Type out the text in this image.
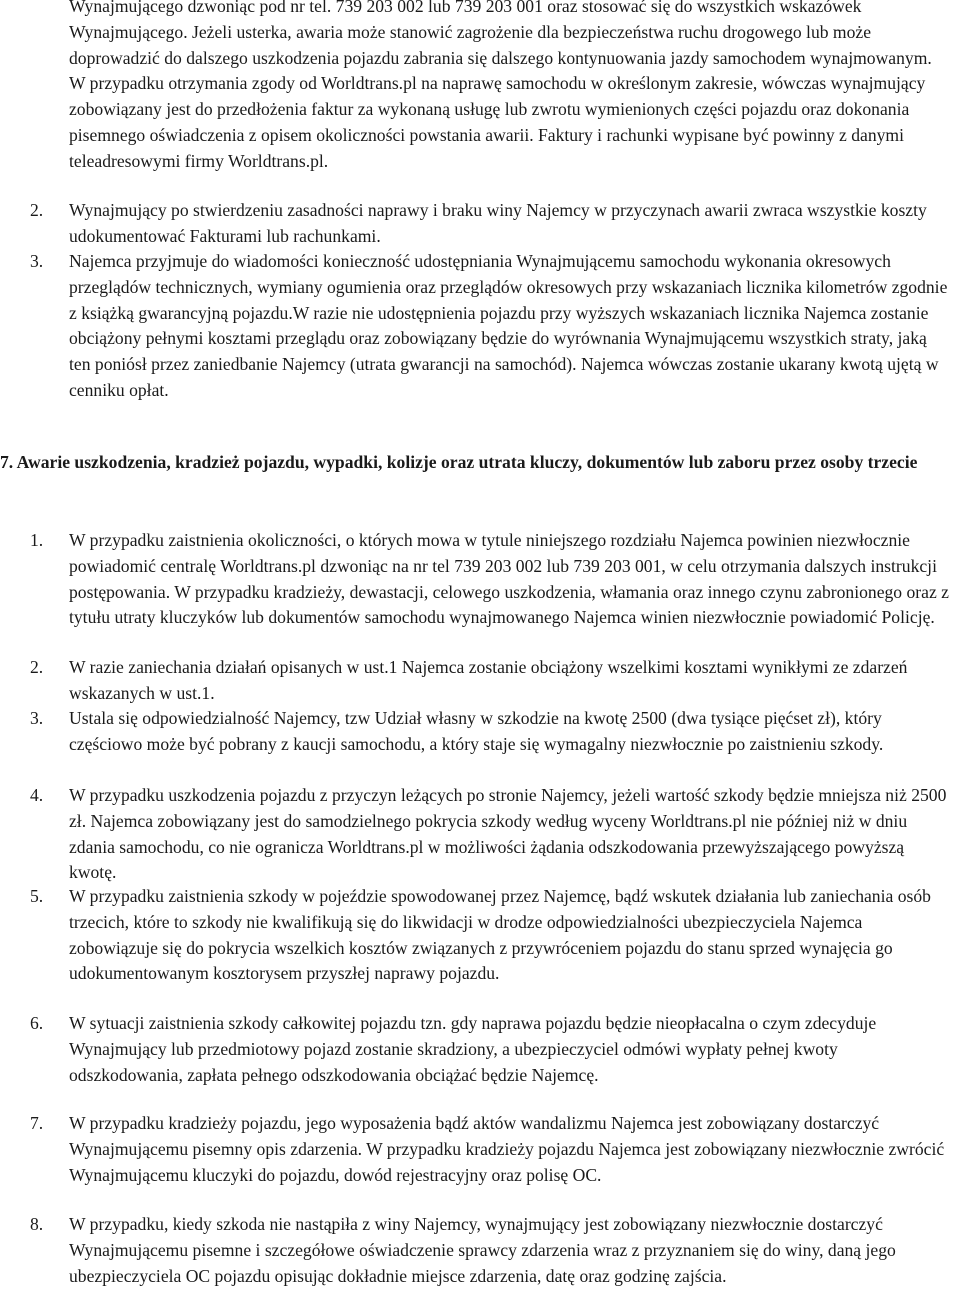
Wynajmującego dzwoniąc pod nr tel. 739 203 002 lub 739 203 001 oraz stosować się do wszystkich wskazówek Wynajmującego. Jeżeli usterka, awaria może stanowić zagrożenie dla bezpieczeństwa ruchu drogowego lub może doprowadzić do dalszego uszkodzenia pojazdu zabrania się dalszego kontynuowania jazdy samochodem wynajmowanym. W przypadku otrzymania zgody od Worldtrans.pl na naprawę samochodu w określonym zakresie, wówczas wynajmujący zobowiązany jest do przedłożenia faktur za wykonaną usługę lub zwrotu wymienionych części pojazdu oraz dokonania pisemnego oświadczenia z opisem okoliczności powstania awarii. Faktury i rachunki wypisane być powinny z danymi teleadresowymi firmy Worldtrans.pl.

2.	Wynajmujący po stwierdzeniu zasadności naprawy i braku winy Najemcy w przyczynach awarii zwraca wszystkie koszty udokumentować Fakturami lub rachunkami.
3.	Najemca przyjmuje do wiadomości konieczność udostępniania Wynajmującemu samochodu wykonania okresowych przeglądów technicznych, wymiany ogumienia oraz przeglądów okresowych przy wskazaniach licznika kilometrów zgodnie z książką gwarancyjną pojazdu.W razie nie udostępnienia pojazdu przy wyższych wskazaniach licznika Najemca zostanie obciążony pełnymi kosztami przeglądu oraz zobowiązany będzie do wyrównania Wynajmującemu wszystkich straty, jaką ten poniósł przez zaniedbanie Najemcy (utrata gwarancji na samochód). Najemca wówczas zostanie ukarany kwotą ujętą w cenniku opłat.
7. Awarie uszkodzenia, kradzież pojazdu, wypadki, kolizje oraz utrata kluczy, dokumentów lub zaboru przez osoby trzecie
1.	W przypadku zaistnienia okoliczności, o których mowa w tytule niniejszego rozdziału Najemca powinien niezwłocznie powiadomić centralę Worldtrans.pl dzwoniąc na nr tel 739 203 002 lub 739 203 001, w celu otrzymania dalszych instrukcji postępowania. W przypadku kradzieży, dewastacji, celowego uszkodzenia, włamania oraz innego czynu zabronionego oraz z tytułu utraty kluczyków lub dokumentów samochodu wynajmowanego Najemca winien niezwłocznie powiadomić Policję.
2.	W razie zaniechania działań opisanych w ust.1 Najemca zostanie obciążony wszelkimi kosztami wynikłymi ze zdarzeń wskazanych w ust.1.
3.	Ustala się odpowiedzialność Najemcy, tzw Udział własny w szkodzie na kwotę 2500 (dwa tysiące pięćset zł), który częściowo może być pobrany z kaucji samochodu, a który staje się wymagalny niezwłocznie po zaistnieniu szkody.
4.	W przypadku uszkodzenia pojazdu z przyczyn leżących po stronie Najemcy, jeżeli wartość szkody będzie mniejsza niż 2500 zł. Najemca zobowiązany jest do samodzielnego pokrycia szkody według wyceny Worldtrans.pl nie później niż w dniu zdania samochodu, co nie ogranicza Worldtrans.pl w możliwości żądania odszkodowania przewyższającego powyższą kwotę.
5.	W przypadku zaistnienia szkody w pojeździe spowodowanej przez Najemcę, bądź wskutek działania lub zaniechania osób trzecich, które to szkody nie kwalifikują się do likwidacji w drodze odpowiedzialności ubezpieczyciela Najemca zobowiązuje się do pokrycia wszelkich kosztów związanych z przywróceniem pojazdu do stanu sprzed wynajęcia go udokumentowanym kosztorysem przyszłej naprawy pojazdu.
6.	W sytuacji zaistnienia szkody całkowitej pojazdu tzn. gdy naprawa pojazdu będzie nieopłacalna o czym zdecyduje Wynajmujący lub przedmiotowy pojazd zostanie skradziony, a ubezpieczyciel odmówi wypłaty pełnej kwoty odszkodowania, zapłata pełnego odszkodowania obciążać będzie Najemcę.
7.	W przypadku kradzieży pojazdu, jego wyposażenia bądź aktów wandalizmu Najemca jest zobowiązany dostarczyć Wynajmującemu pisemny opis zdarzenia. W przypadku kradzieży pojazdu Najemca jest zobowiązany niezwłocznie zwrócić Wynajmującemu kluczyki do pojazdu, dowód rejestracyjny oraz polisę OC.
8.	W przypadku, kiedy szkoda nie nastąpiła z winy Najemcy, wynajmujący jest zobowiązany niezwłocznie dostarczyć Wynajmującemu pisemne i szczegółowe oświadczenie sprawcy zdarzenia wraz z przyznaniem się do winy, daną jego ubezpieczyciela OC pojazdu opisując dokładnie miejsce zdarzenia, datę oraz godzinę zajścia.
